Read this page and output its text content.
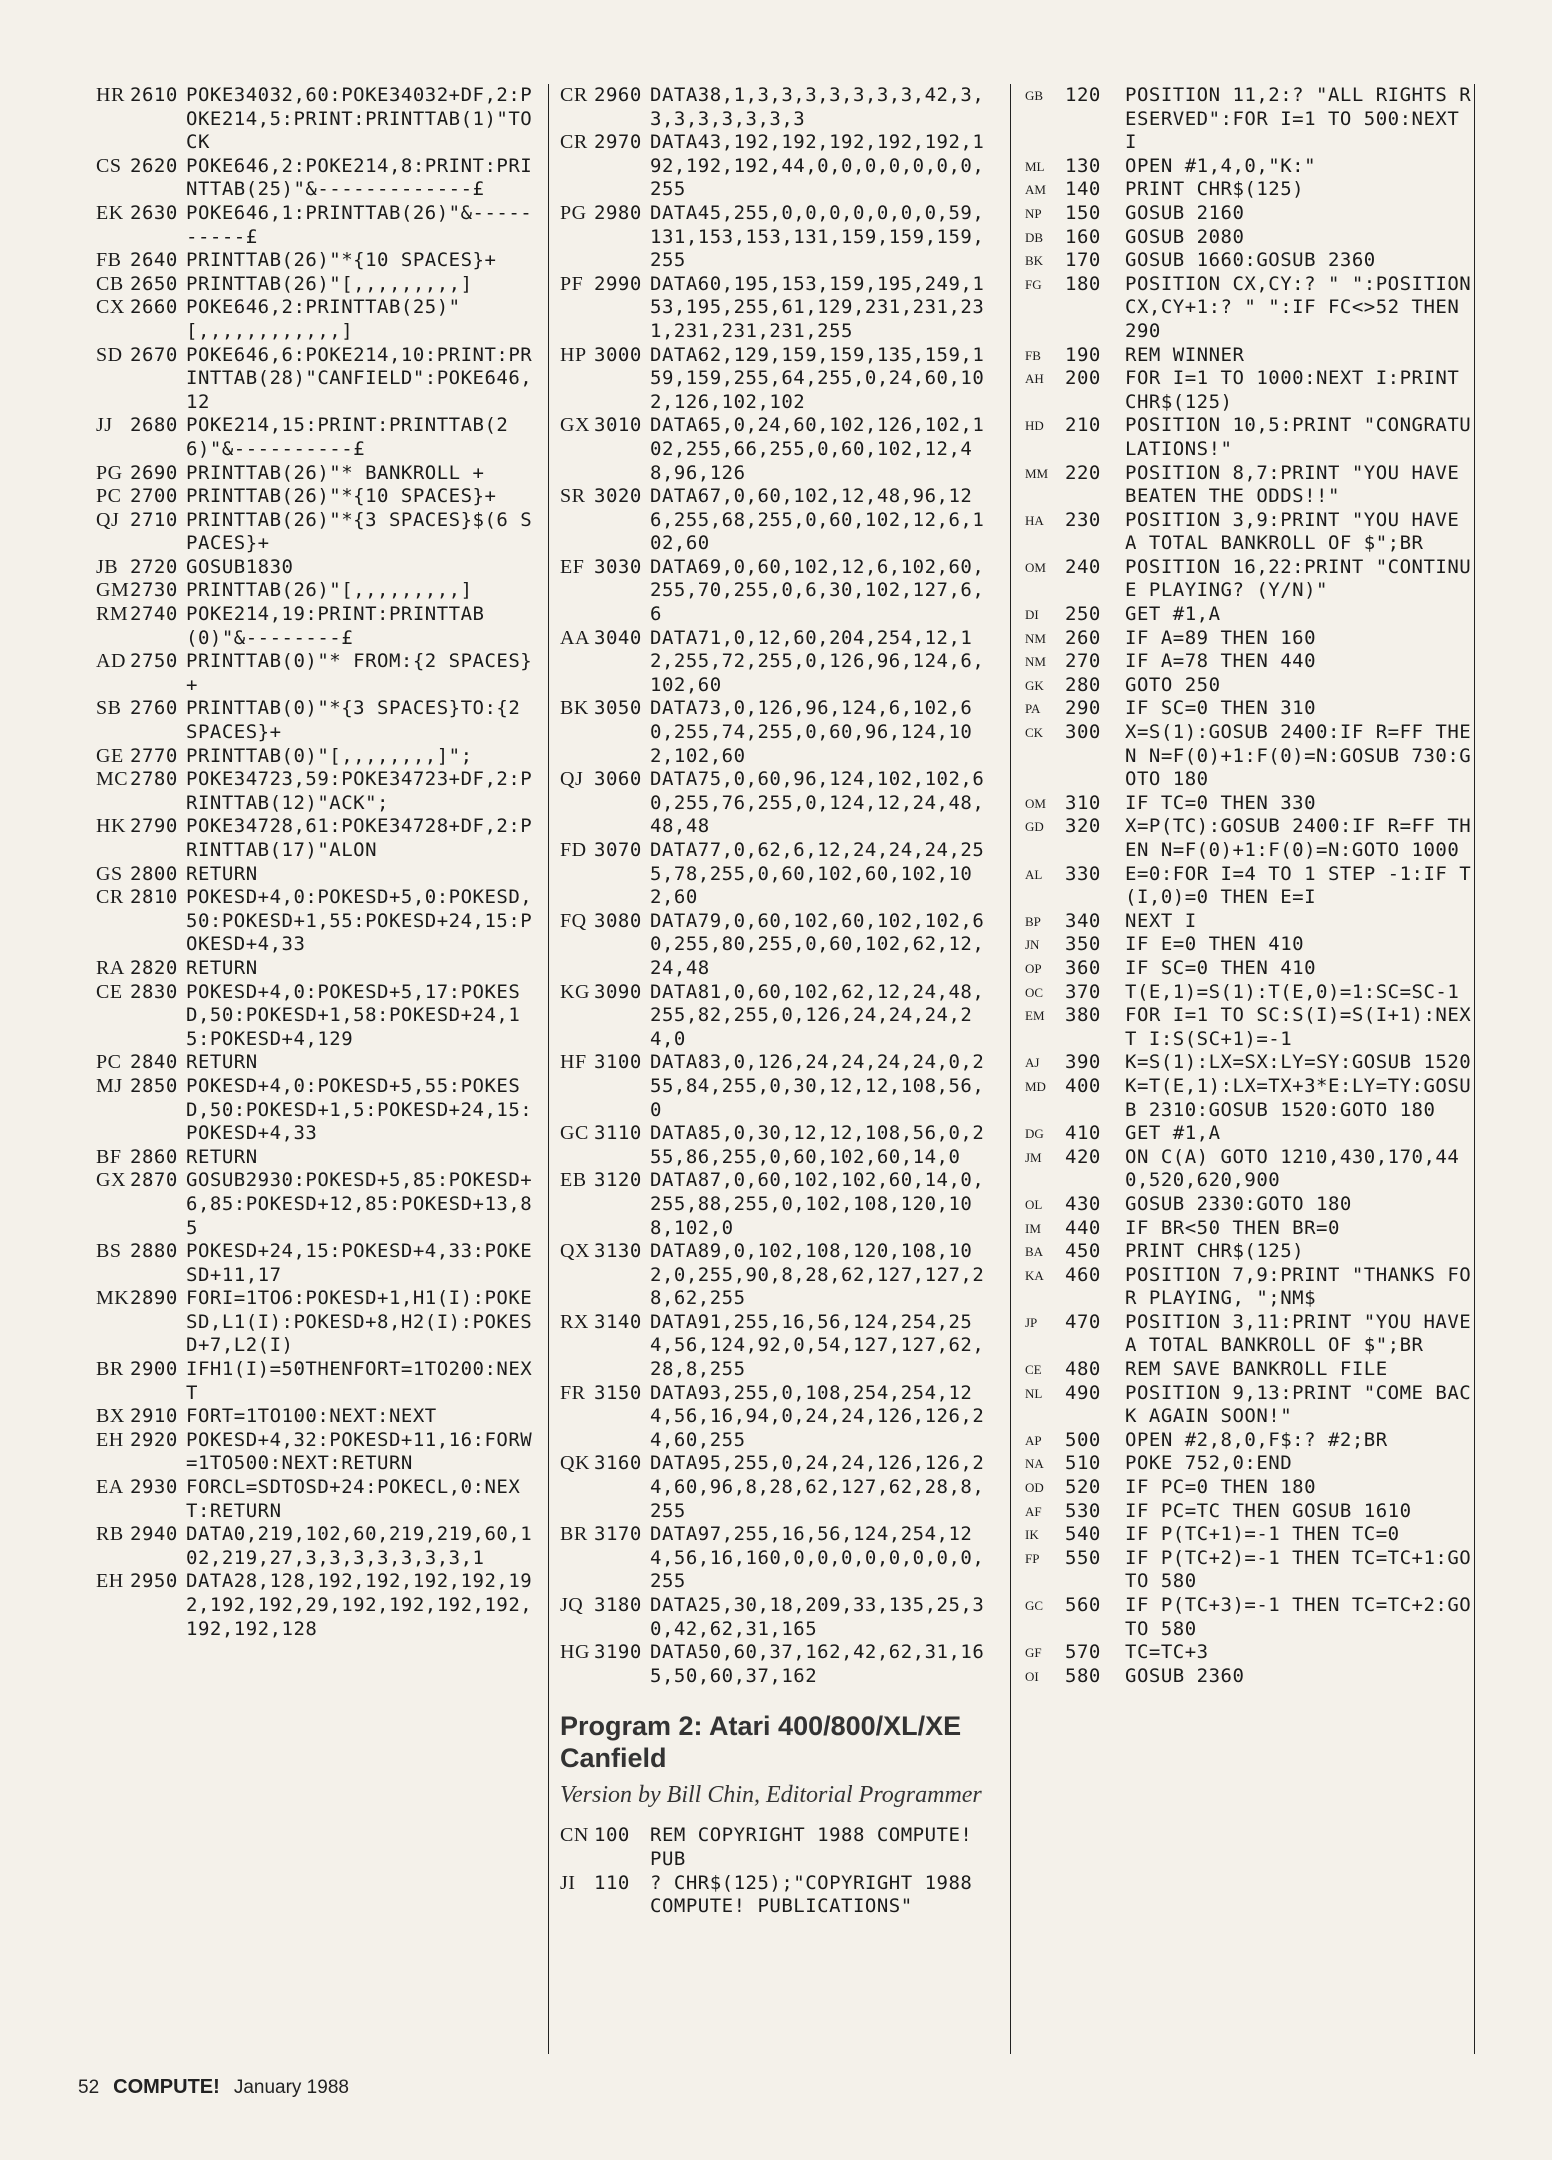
HR 2610 POKE34032,60:POKE34032+DF,2:POKE214,5:PRINT:PRINTTAB(1)"TOCK
CS 2620 POKE646,2:POKE214,8:PRINT:PRINTTAB(25)"&-------------£
EK 2630 POKE646,1:PRINTTAB(26)"&----------£
FB 2640 PRINTTAB(26)"*{10 SPACES}+
CB 2650 PRINTTAB(26)"[,,,,,,,,,]
CX 2660 POKE646,2:PRINTTAB(25)"[,,,,,,,,,,,,]
SD 2670 POKE646,6:POKE214,10:PRINT:PRINTTAB(28)"CANFIELD":POKE646,12
JJ 2680 POKE214,15:PRINT:PRINTTAB(26)"&----------£
PG 2690 PRINTTAB(26)"* BANKROLL +
PC 2700 PRINTTAB(26)"*{10 SPACES}+
QJ 2710 PRINTTAB(26)"*{3 SPACES}$(6 SPACES}+
JB 2720 GOSUB1830
GM 2730 PRINTTAB(26)"[,,,,,,,,,]
RM 2740 POKE214,19:PRINT:PRINTTAB(0)"&--------£
AD 2750 PRINTTAB(0)"* FROM:{2 SPACES}+
SB 2760 PRINTTAB(0)"*{3 SPACES}TO:{2 SPACES}+
GE 2770 PRINTTAB(0)"[,,,,,,,,]";
MC 2780 POKE34723,59:POKE34723+DF,2:PRINTTAB(12)"ACK";
HK 2790 POKE34728,61:POKE34728+DF,2:PRINTTAB(17)"ALON
GS 2800 RETURN
CR 2810 POKESD+4,0:POKESD+5,0:POKESD,50:POKESD+1,55:POKESD+24,15:POKESD+4,33
RA 2820 RETURN
CE 2830 POKESD+4,0:POKESD+5,17:POKESD,50:POKESD+1,58:POKESD+24,15:POKESD+4,129
PC 2840 RETURN
MJ 2850 POKESD+4,0:POKESD+5,55:POKESD,50:POKESD+1,5:POKESD+24,15:POKESD+4,33
BF 2860 RETURN
GX 2870 GOSUB2930:POKESD+5,85:POKESD+6,85:POKESD+12,85:POKESD+13,85
BS 2880 POKESD+24,15:POKESD+4,33:POKESD+11,17
MK 2890 FORI=1TO6:POKESD+1,H1(I):POKESD,L1(I):POKESD+8,H2(I):POKESD+7,L2(I)
BR 2900 IFH1(I)=50THENFORT=1TO200:NEXT
BX 2910 FORT=1TO100:NEXT:NEXT
EH 2920 POKESD+4,32:POKESD+11,16:FORW=1TO500:NEXT:RETURN
EA 2930 FORCL=SDTOSD+24:POKECL,0:NEXT:RETURN
RB 2940 DATA0,219,102,60,219,219,60,102,219,27,3,3,3,3,3,3,3,1
EH 2950 DATA28,128,192,192,192,192,192,192,192,29,192,192,192,192,192,192,128
CR 2960 DATA38,1,3,3,3,3,3,3,3,42,3,3,3,3,3,3,3,3
CR 2970 DATA43,192,192,192,192,192,192,192,192,44,0,0,0,0,0,0,0,255
PG 2980 DATA45,255,0,0,0,0,0,0,0,59,131,153,153,131,159,159,159,255
PF 2990 DATA60,195,153,159,195,249,153,195,255,61,129,231,231,231,231,231,231,255
HP 3000 DATA62,129,159,159,135,159,159,159,255,64,255,0,24,60,102,126,102,102
GX 3010 DATA65,0,24,60,102,126,102,102,255,66,255,0,60,102,12,48,96,126
SR 3020 DATA67,0,60,102,12,48,96,126,255,68,255,0,60,102,12,6,102,60
EF 3030 DATA69,0,60,102,12,6,102,60,255,70,255,0,6,30,102,127,6,6
AA 3040 DATA71,0,12,60,204,254,12,12,255,72,255,0,126,96,124,6,102,60
BK 3050 DATA73,0,126,96,124,6,102,60,255,74,255,0,60,96,124,102,102,60
QJ 3060 DATA75,0,60,96,124,102,102,60,255,76,255,0,124,12,24,48,48,48
FD 3070 DATA77,0,62,6,12,24,24,24,255,78,255,0,60,102,60,102,102,60
FQ 3080 DATA79,0,60,102,60,102,102,60,255,80,255,0,60,102,62,12,24,48
KG 3090 DATA81,0,60,102,62,12,24,48,255,82,255,0,126,24,24,24,24,0
HF 3100 DATA83,0,126,24,24,24,24,0,255,84,255,0,30,12,12,108,56,0
GC 3110 DATA85,0,30,12,12,108,56,0,255,86,255,0,60,102,60,14,0
EB 3120 DATA87,0,60,102,102,60,14,0,255,88,255,0,102,108,120,108,102,0
QX 3130 DATA89,0,102,108,120,108,102,0,255,90,8,28,62,127,127,28,62,255
RX 3140 DATA91,255,16,56,124,254,254,56,124,92,0,54,127,127,62,28,8,255
FR 3150 DATA93,255,0,108,254,254,124,56,16,94,0,24,24,126,126,24,60,255
QK 3160 DATA95,255,0,24,24,126,126,24,60,96,8,28,62,127,62,28,8,255
BR 3170 DATA97,255,16,56,124,254,124,56,16,160,0,0,0,0,0,0,0,0,255
JQ 3180 DATA25,30,18,209,33,135,25,30,42,62,31,165
HG 3190 DATA50,60,37,162,42,62,31,165,50,60,37,162
Program 2: Atari 400/800/XL/XE Canfield
Version by Bill Chin, Editorial Programmer
CN 100	REM COPYRIGHT 1988 COMPUTE! PUB
JI 110	? CHR$(125);"COPYRIGHT 1988 COMPUTE! PUBLICATIONS"
GB	120	POSITION 11,2:? "ALL RIGHTS RESERVED":FOR I=1 TO 500:NEXT I
ML	130	OPEN #1,4,0,"K:"
AM	140	PRINT CHR$(125)
NP	150	GOSUB 2160
DB	160	GOSUB 2080
BK	170	GOSUB 1660:GOSUB 2360
FG	180	POSITION CX,CY:? " ":POSITION CX,CY+1:? " ":IF FC<>52 THEN 290
FB	190	REM WINNER
AH	200	FOR I=1 TO 1000:NEXT I:PRINT CHR$(125)
HD	210	POSITION 10,5:PRINT "CONGRATULATIONS!"
MM 220	POSITION 8,7:PRINT "YOU HAVE BEATEN THE ODDS!!"
HA	230	POSITION 3,9:PRINT "YOU HAVE A TOTAL BANKROLL OF $";BR
OM	240	POSITION 16,22:PRINT "CONTINUE PLAYING? (Y/N)"
DI	250	GET #1,A
NM	260	IF A=89 THEN 160
NM	270	IF A=78 THEN 440
GK	280	GOTO 250
PA	290	IF SC=0 THEN 310
CK	300	X=S(1):GOSUB 2400:IF R=FF THEN N=F(0)+1:F(0)=N:GOSUB 730:GOTO 180
OM	310	IF TC=0 THEN 330
GD	320	X=P(TC):GOSUB 2400:IF R=FF THEN N=F(0)+1:F(0)=N:GOTO 1000
AL	330	E=0:FOR I=4 TO 1 STEP -1:IF T(I,0)=0 THEN E=I
BP	340	NEXT I
JN	350	IF E=0 THEN 410
OP	360	IF SC=0 THEN 410
OC	370	T(E,1)=S(1):T(E,0)=1:SC=SC-1
EM	380	FOR I=1 TO SC:S(I)=S(I+1):NEXT I:S(SC+1)=-1
AJ	390	K=S(1):LX=SX:LY=SY:GOSUB 1520
MD	400	K=T(E,1):LX=TX+3*E:LY=TY:GOSUB 2310:GOSUB 1520:GOTO 180
DG	410	GET #1,A
JM	420	ON C(A) GOTO 1210,430,170,440,520,620,900
OL	430	GOSUB 2330:GOTO 180
IM	440	IF BR<50 THEN BR=0
BA	450	PRINT CHR$(125)
KA	460	POSITION 7,9:PRINT "THANKS FOR PLAYING, ";NM$
JP	470	POSITION 3,11:PRINT "YOU HAVE A TOTAL BANKROLL OF $";BR
CE	480	REM SAVE BANKROLL FILE
NL	490	POSITION 9,13:PRINT "COME BACK AGAIN SOON!"
AP	500	OPEN #2,8,0,F$:? #2;BR
NA	510	POKE 752,0:END
OD	520	IF PC=0 THEN 180
AF	530	IF PC=TC THEN GOSUB 1610
IK	540	IF P(TC+1)=-1 THEN TC=0
FP	550	IF P(TC+2)=-1 THEN TC=TC+1:GOTO 580
GC	560	IF P(TC+3)=-1 THEN TC=TC+2:GOTO 580
GF	570	TC=TC+3
OI	580	GOSUB 2360
52 COMPUTE! January 1988
